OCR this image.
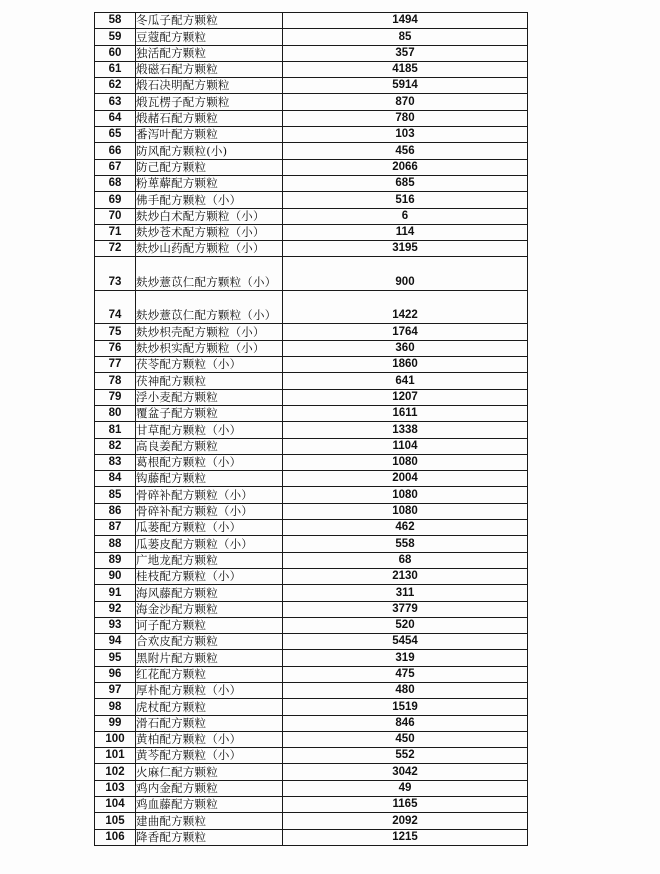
58	冬瓜子配方颗粒	1494
59	豆蔻配方颗粒	85
60	独活配方颗粒	357
61	煅磁石配方颗粒	4185
62	煅石决明配方颗粒	5914
63	煅瓦楞子配方颗粒	870
64	煅赭石配方颗粒	780
65	番泻叶配方颗粒	103
66	防风配方颗粒(小)	456
67	防己配方颗粒	2066
68	粉萆薢配方颗粒	685
69	佛手配方颗粒（小）	516
70	麸炒白术配方颗粒（小）	6
71	麸炒苍术配方颗粒（小）	114
72	麸炒山药配方颗粒（小）	3195
73	麸炒薏苡仁配方颗粒（小）	900
74	麸炒薏苡仁配方颗粒（小）	1422
75	麸炒枳壳配方颗粒（小）	1764
76	麸炒枳实配方颗粒（小）	360
77	茯苓配方颗粒（小）	1860
78	茯神配方颗粒	641
79	浮小麦配方颗粒	1207
80	覆盆子配方颗粒	1611
81	甘草配方颗粒（小）	1338
82	高良姜配方颗粒	1104
83	葛根配方颗粒（小）	1080
84	钩藤配方颗粒	2004
85	骨碎补配方颗粒（小）	1080
86	骨碎补配方颗粒（小）	1080
87	瓜蒌配方颗粒（小）	462
88	瓜蒌皮配方颗粒（小）	558
89	广地龙配方颗粒	68
90	桂枝配方颗粒（小）	2130
91	海风藤配方颗粒	311
92	海金沙配方颗粒	3779
93	诃子配方颗粒	520
94	合欢皮配方颗粒	5454
95	黑附片配方颗粒	319
96	红花配方颗粒	475
97	厚朴配方颗粒（小）	480
98	虎杖配方颗粒	1519
99	滑石配方颗粒	846
100	黄柏配方颗粒（小）	450
101	黄芩配方颗粒（小）	552
102	火麻仁配方颗粒	3042
103	鸡内金配方颗粒	49
104	鸡血藤配方颗粒	1165
105	建曲配方颗粒	2092
106	降香配方颗粒	1215
